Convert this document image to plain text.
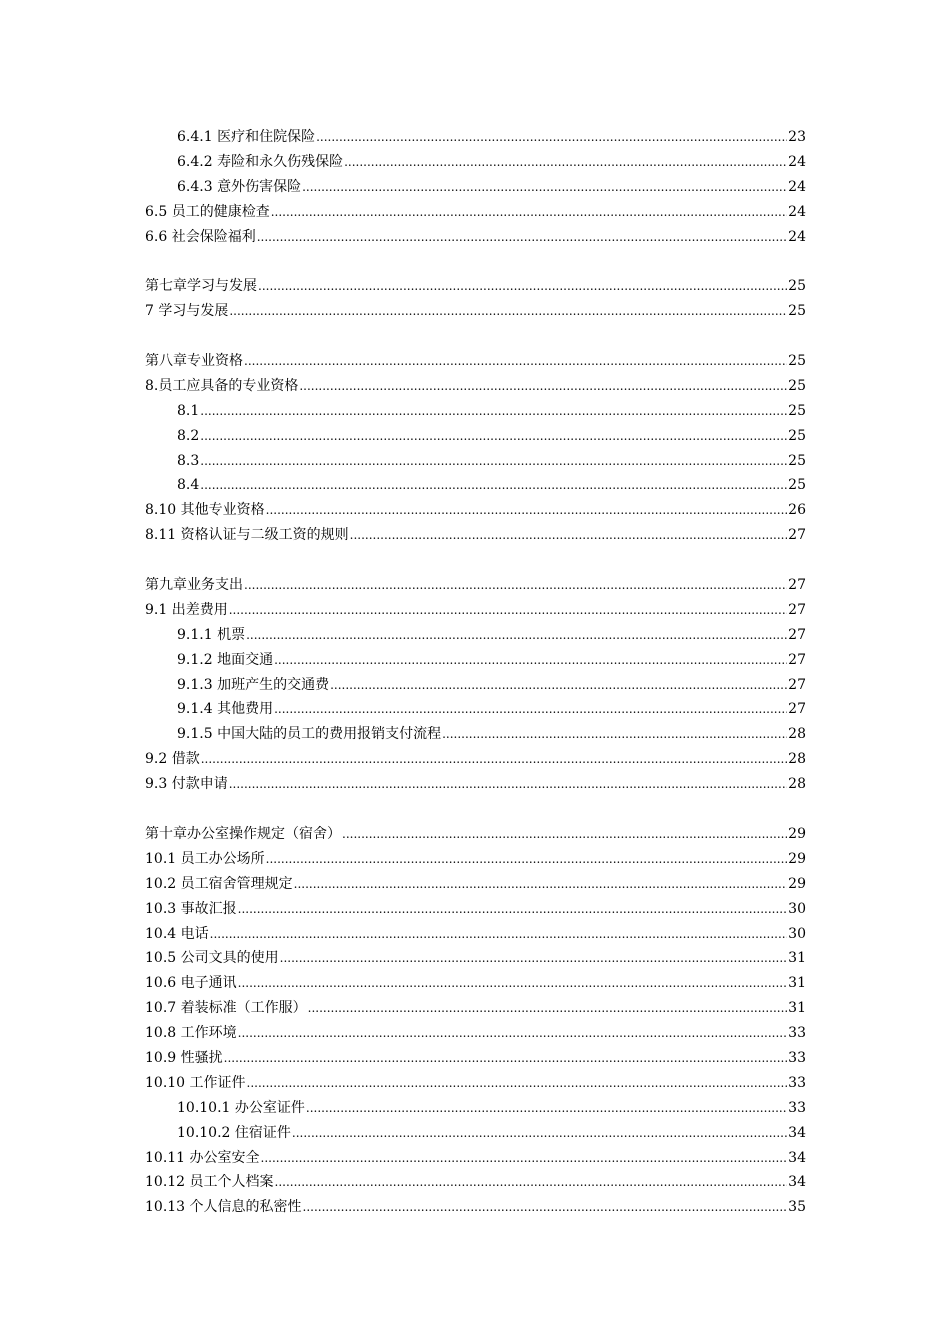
6.4.1 医疗和住院保险 .....	23
6.4.2 寿险和永久伤残保险 .....	24
6.4.3 意外伤害保险 .....	24
6.5 员工的健康检查 .....	24
6.6 社会保险福利 .....	24
第七章学习与发展 .....	25
7 学习与发展 .....	25
第八章专业资格 .....	25
8.员工应具备的专业资格 .....	25
8.1 .....	25
8.2 .....	25
8.3 .....	25
8.4 .....	25
8.10 其他专业资格 .....	26
8.11 资格认证与二级工资的规则 .....	27
第九章业务支出 .....	27
9.1 出差费用 .....	27
9.1.1 机票 .....	27
9.1.2 地面交通 .....	27
9.1.3 加班产生的交通费 .....	27
9.1.4 其他费用 .....	27
9.1.5 中国大陆的员工的费用报销支付流程 .....	28
9.2 借款 .....	28
9.3 付款申请 .....	28
第十章办公室操作规定（宿舍） .....	29
10.1 员工办公场所 .....	29
10.2 员工宿舍管理规定 .....	29
10.3 事故汇报 .....	30
10.4 电话 .....	30
10.5 公司文具的使用 .....	31
10.6 电子通讯 .....	31
10.7 着装标准（工作服） .....	31
10.8 工作环境 .....	33
10.9 性骚扰 .....	33
10.10 工作证件 .....	33
10.10.1 办公室证件 .....	33
10.10.2 住宿证件 .....	34
10.11 办公室安全 .....	34
10.12 员工个人档案 .....	34
10.13 个人信息的私密性 .....	35
